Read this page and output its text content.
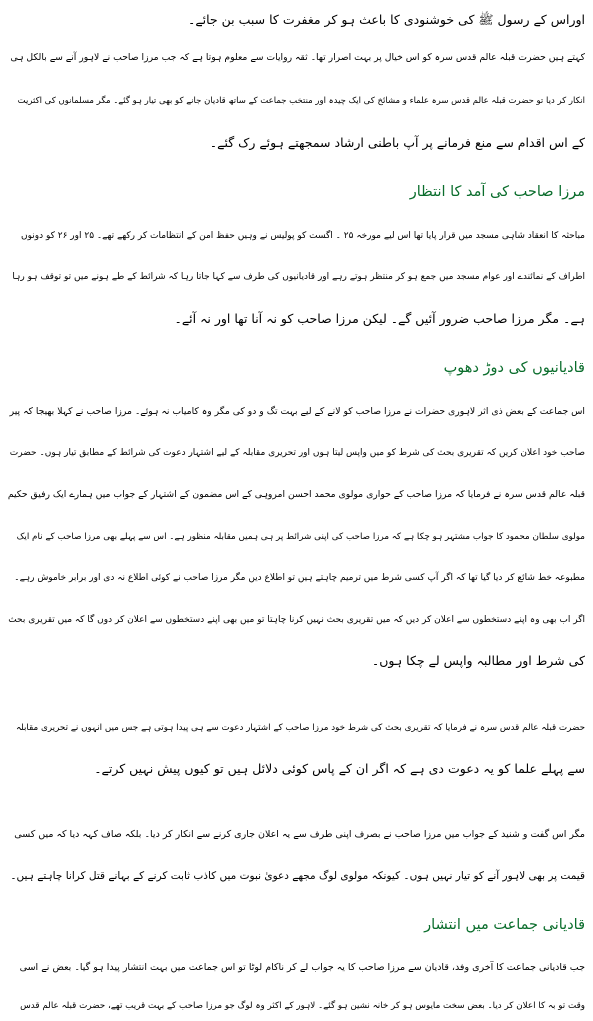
اوراس کے رسول ﷺ کی خوشنودی کا باعث ہو کر مغفرت کا سبب بن جائے۔

کہتے ہیں حضرت قبلہ عالم قدس سرہ کو اس خیال پر بہت اصرار تھا۔ ثقہ روایات سے معلوم ہوتا ہے کہ جب مرزا صاحب نے لاہور آنے سے بالکل ہی

انکار کر دیا تو حضرت قبلہ عالم قدس سرہ علماء و مشائخ کی ایک چیدہ اور منتخب جماعت کے ساتھ قادیان جانے کو بھی تیار ہو گئے۔ مگر مسلمانوں کی اکثریت

کے اس اقدام سے منع فرمانے پر آپ باطنی ارشاد سمجھتے ہوئے رک گئے۔

مرزا صاحب کی آمد کا انتظار

مباحثہ کا انعقاد شاہی مسجد میں قرار پایا تھا اس لیے مورخہ ۲۵ ۔ اگست کو پولیس نے وہیں حفظ امن کے انتظامات کر رکھے تھے۔ ۲۵ اور ۲۶ کو دونوں

اطراف کے نمائندے اور عوام مسجد میں جمع ہو کر منتظر ہوتے رہے اور قادیانیوں کی طرف سے کہا جاتا رہا کہ شرائط کے طے ہونے میں تو توقف ہو رہا

ہے۔ مگر مرزا صاحب ضرور آئیں گے۔ لیکن مرزا صاحب کو نہ آنا تھا اور نہ آئے۔

قادیانیوں کی دوڑ دھوپ

اس جماعت کے بعض ذی اثر لاہوری حضرات نے مرزا صاحب کو لانے کے لیے بہت تگ و دو کی مگر وہ کامیاب نہ ہوئے۔ مرزا صاحب نے کہلا بھیجا کہ پیر

صاحب خود اعلان کریں کہ تقریری بحث کی شرط کو میں واپس لیتا ہوں اور تحریری مقابلہ کے لیے اشتہار دعوت کی شرائط کے مطابق تیار ہوں۔ حضرت

قبلہ عالم قدس سرہ نے فرمایا کہ مرزا صاحب کے حواری مولوی محمد احسن امروہی کے اس مضمون کے اشتہار کے جواب میں ہمارے ایک رفیق حکیم

مولوی سلطان محمود کا جواب مشتہر ہو چکا ہے کہ مرزا صاحب کی اپنی شرائط پر ہی ہمیں مقابلہ منظور ہے۔ اس سے پہلے بھی مرزا صاحب کے نام ایک

مطبوعہ خط شائع کر دیا گیا تھا کہ اگر آپ کسی شرط میں ترمیم چاہتے ہیں تو اطلاع دیں مگر مرزا صاحب نے کوئی اطلاع نہ دی اور برابر خاموش رہے۔

اگر اب بھی وہ اپنے دستخطوں سے اعلان کر دیں کہ میں تقریری بحث نہیں کرنا چاہتا تو میں بھی اپنے دستخطوں سے اعلان کر دوں گا کہ میں تقریری بحث

کی شرط اور مطالبہ واپس لے چکا ہوں۔

حضرت قبلہ عالم قدس سرہ نے فرمایا کہ تقریری بحث کی شرط خود مرزا صاحب کے اشتہار دعوت سے ہی پیدا ہوتی ہے جس میں انہوں نے تحریری مقابلہ

سے پہلے علما کو یہ دعوت دی ہے کہ اگر ان کے پاس کوئی دلائل ہیں تو کیوں پیش نہیں کرتے۔

مگر اس گفت و شنید کے جواب میں مرزا صاحب نے بصرف اپنی طرف سے یہ اعلان جاری کرنے سے انکار کر دیا۔ بلکہ صاف کہہ دیا کہ میں کسی

قیمت پر بھی لاہور آنے کو تیار نہیں ہوں۔ کیونکہ مولوی لوگ مجھے دعویٰ نبوت میں کاذب ثابت کرنے کے بہانے قتل کرانا چاہتے ہیں۔

قادیانی جماعت میں انتشار

جب قادیانی جماعت کا آخری وفد، قادیان سے مرزا صاحب کا یہ جواب لے کر ناکام لوٹا تو اس جماعت میں بہت انتشار پیدا ہو گیا۔ بعض نے اسی

وقت تو بہ کا اعلان کر دیا۔ بعض سخت مایوس ہو کر خانہ نشین ہو گئے۔ لاہور کے اکثر وہ لوگ جو مرزا صاحب کے بہت قریب تھے، حضرت قبلہ عالم قدس
